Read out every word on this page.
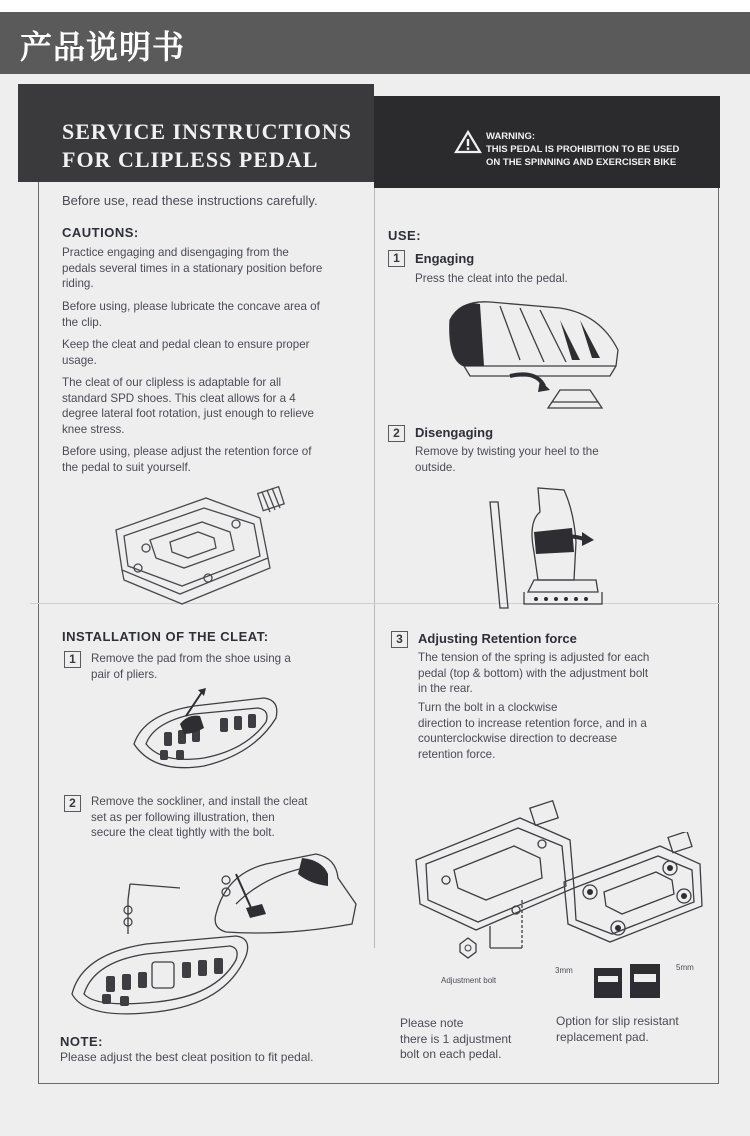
产品说明书
SERVICE INSTRUCTIONS
FOR CLIPLESS PEDAL
WARNING:
THIS PEDAL IS PROHIBITION TO BE USED
ON THE SPINNING AND EXERCISER BIKE
Before use, read these instructions carefully.
CAUTIONS:
Practice engaging and disengaging from the
pedals several times in a stationary position before
riding.
Before using, please lubricate the concave area of
the clip.
Keep the cleat and pedal clean to ensure proper
usage.
The cleat of our clipless is adaptable for all
standard SPD shoes. This cleat allows for a 4
degree lateral foot rotation, just enough to relieve
knee stress.
Before using, please adjust the retention force of
the pedal to suit yourself.
USE:
1	Engaging
Press the cleat into the pedal.
2	Disengaging
Remove by twisting your heel to the
outside.
3	Adjusting Retention force
The tension of the spring is adjusted for each
pedal (top & bottom) with the adjustment bolt
in the rear.
Turn the bolt in a clockwise
direction to increase retention force, and in a
counterclockwise direction to decrease
retention force.
Adjustment bolt
3mm	5mm
Please note
there is 1 adjustment
bolt on each pedal.
Option for slip resistant
replacement pad.
INSTALLATION OF THE CLEAT:
1	Remove the pad from the shoe using a
pair of pliers.
2	Remove the sockliner, and install the cleat
set as per following illustration, then
secure the cleat tightly with the bolt.
NOTE:
Please adjust the best cleat position to fit pedal.
